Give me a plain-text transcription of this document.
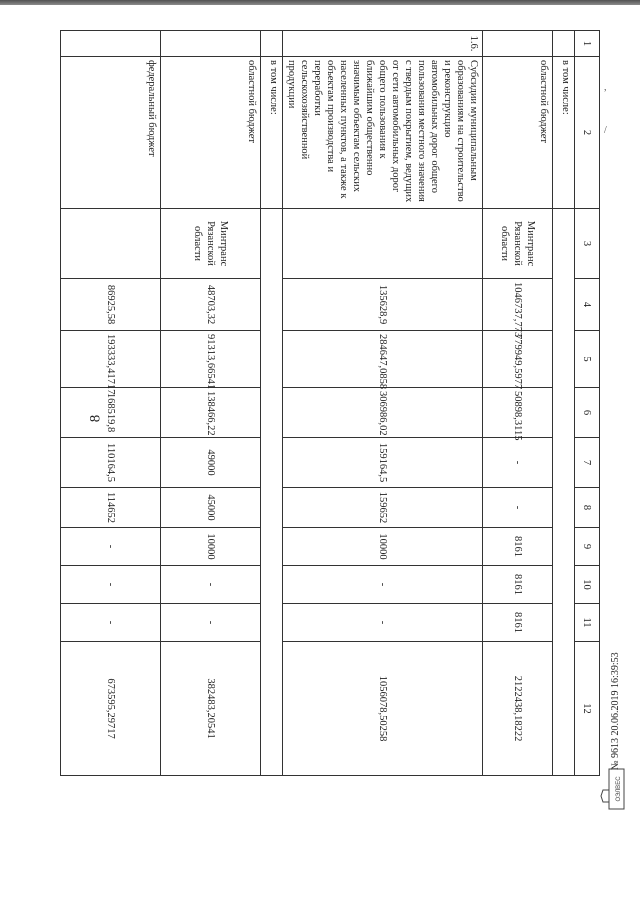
8
1	2	3	4	5	6	7	8	9	10	11	12
	в том числе:										
	областной бюджет	Минтранс Рязанской области	1046737,773	779949,5977	50898,3115	-	-	8161	8161	8161	2122438,18222
1.6.	Субсидии муниципальным образованиям на строительство и реконструкцию автомобильных дорог общего пользования местного значения с твердым покрытием, ведущих от сети автомобильных дорог общего пользования к ближайшим общественно значимым объектам сельских населенных пунктов, а также к объектам производства и переработки сельскохозяйственной продукции		135628,9	284647,0858	306986,02	159164,5	159652	10000	-	-	1056078,50258
	в том числе:										
	областной бюджет	Минтранс Рязанской области	48703,32	91313,66541	138466,22	49000	45000	10000	-	-	382483,20541
	федеральный бюджет		86925,58	193333,41717	168519,8	110164,5	114652	-	-	-	673595,29717
ОЭЛВЕС
№ 9613 20.06.2019 16:39:53
,
/
